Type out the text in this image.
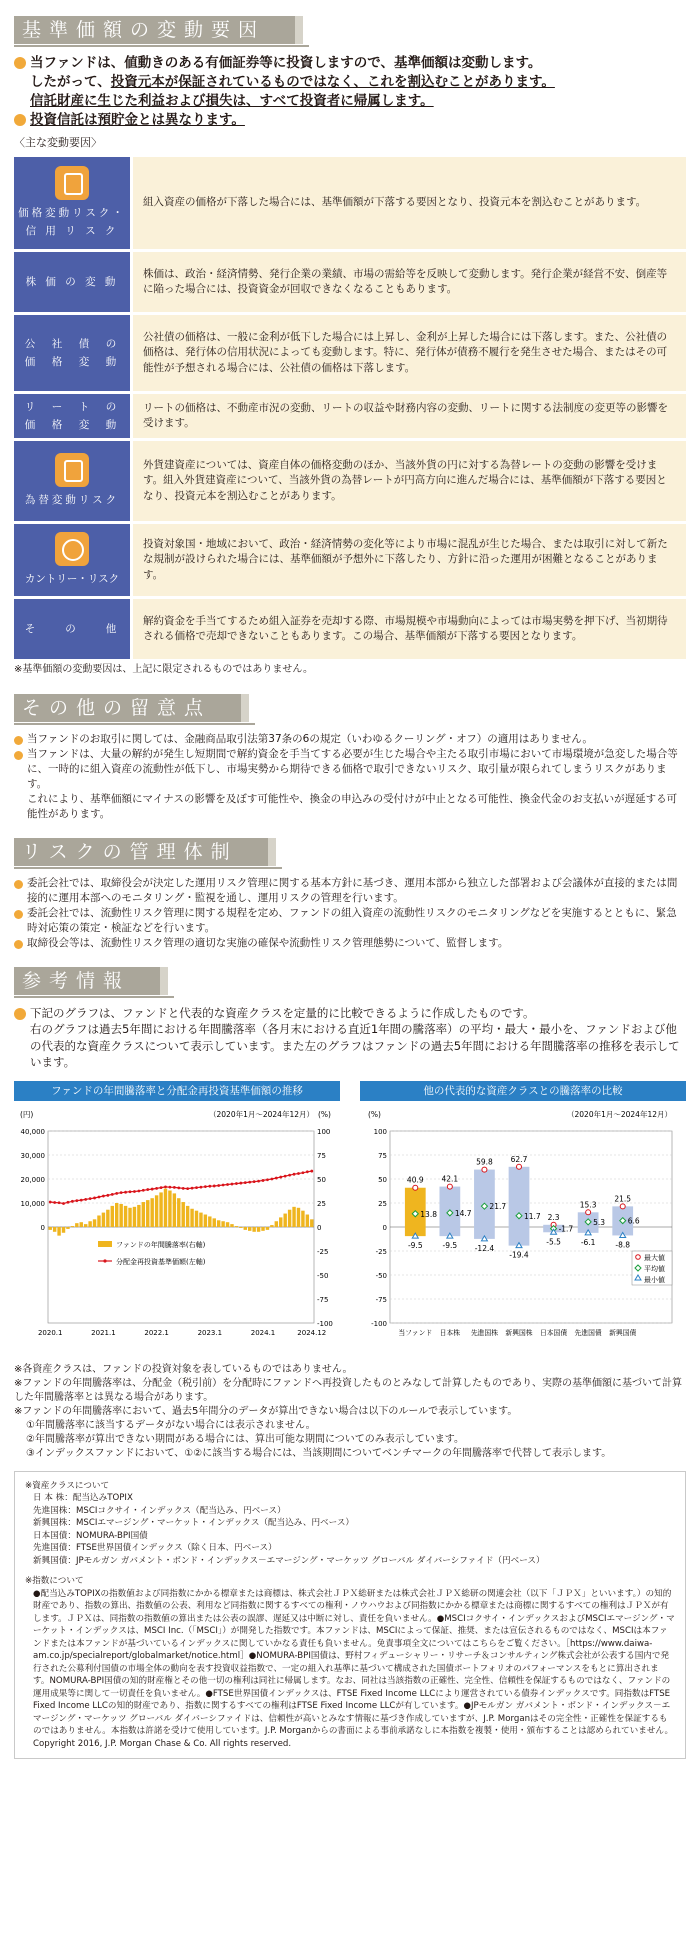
基準価額の変動要因
当ファンドは、値動きのある有価証券等に投資しますので、基準価額は変動します。
したがって、投資元本が保証されているものではなく、これを割込むことがあります。
信託財産に生じた利益および損失は、すべて投資者に帰属します。
投資信託は預貯金とは異なります。
〈主な変動要因〉
価格変動リスク・
信 用 リ ス ク
組入資産の価格が下落した場合には、基準価額が下落する要因となり、投資元本を割込むことがあります。
株 価 の 変 動
株価は、政治・経済情勢、発行企業の業績、市場の需給等を反映して変動します。発行企業が経営不安、倒産等に陥った場合には、投資資金が回収できなくなることもあります。
公　社　債　の
価　格　変　動
公社債の価格は、一般に金利が低下した場合には上昇し、金利が上昇した場合には下落します。また、公社債の価格は、発行体の信用状況によっても変動します。特に、発行体が債務不履行を発生させた場合、またはその可能性が予想される場合には、公社債の価格は下落します。
リ　ー　ト　の
価　格　変　動
リートの価格は、不動産市況の変動、リートの収益や財務内容の変動、リートに関する法制度の変更等の影響を受けます。
為替変動リスク
外貨建資産については、資産自体の価格変動のほか、当該外貨の円に対する為替レートの変動の影響を受けます。組入外貨建資産について、当該外貨の為替レートが円高方向に進んだ場合には、基準価額が下落する要因となり、投資元本を割込むことがあります。
カントリー・リスク
投資対象国・地域において、政治・経済情勢の変化等により市場に混乱が生じた場合、または取引に対して新たな規制が設けられた場合には、基準価額が予想外に下落したり、方針に沿った運用が困難となることがあります。
そ　　の　　他
解約資金を手当てするため組入証券を売却する際、市場規模や市場動向によっては市場実勢を押下げ、当初期待される価格で売却できないこともあります。この場合、基準価額が下落する要因となります。
※基準価額の変動要因は、上記に限定されるものではありません。
その他の留意点
当ファンドのお取引に関しては、金融商品取引法第37条の6の規定（いわゆるクーリング・オフ）の適用はありません。
当ファンドは、大量の解約が発生し短期間で解約資金を手当てする必要が生じた場合や主たる取引市場において市場環境が急変した場合等に、一時的に組入資産の流動性が低下し、市場実勢から期待できる価格で取引できないリスク、取引量が限られてしまうリスクがあります。
これにより、基準価額にマイナスの影響を及ぼす可能性や、換金の申込みの受付けが中止となる可能性、換金代金のお支払いが遅延する可能性があります。
リスクの管理体制
委託会社では、取締役会が決定した運用リスク管理に関する基本方針に基づき、運用本部から独立した部署および会議体が直接的または間接的に運用本部へのモニタリング・監視を通し、運用リスクの管理を行います。
委託会社では、流動性リスク管理に関する規程を定め、ファンドの組入資産の流動性リスクのモニタリングなどを実施するとともに、緊急時対応策の策定・検証などを行います。
取締役会等は、流動性リスク管理の適切な実施の確保や流動性リスク管理態勢について、監督します。
参考情報
下記のグラフは、ファンドと代表的な資産クラスを定量的に比較できるように作成したものです。
右のグラフは過去5年間における年間騰落率（各月末における直近1年間の騰落率）の平均・最大・最小を、ファンドおよび他の代表的な資産クラスについて表示しています。また左のグラフはファンドの過去5年間における年間騰落率の推移を表示しています。
ファンドの年間騰落率と分配金再投資基準価額の推移
(円)	(%)
（2020年1月～2024年12月）
40,000
30,000
20,000
10,000
0
100
75
50
25
0
-25
-50
-75
-100
2020.1	2021.1	2022.1	2023.1	2024.1	2024.12
ファンドの年間騰落率(右軸)
分配金再投資基準価額(左軸)
他の代表的な資産クラスとの騰落率の比較
(%)	（2020年1月～2024年12月）
100
75
50
25
0
-25
-50
-75
-100
40.9
13.8
-9.5
当ファンド
42.1
14.7
-9.5
日本株
59.8
21.7
-12.4
先進国株
62.7
11.7
-19.4
新興国株
2.3
-1.7
-5.5
日本国債
15.3
5.3
-6.1
先進国債
21.5
6.6
-8.8
新興国債
最大値
平均値
最小値
※各資産クラスは、ファンドの投資対象を表しているものではありません。
※ファンドの年間騰落率は、分配金（税引前）を分配時にファンドへ再投資したものとみなして計算したものであり、実際の基準価額に基づいて計算した年間騰落率とは異なる場合があります。
※ファンドの年間騰落率において、過去5年間分のデータが算出できない場合は以下のルールで表示しています。
①年間騰落率に該当するデータがない場合には表示されません。
②年間騰落率が算出できない期間がある場合には、算出可能な期間についてのみ表示しています。
③インデックスファンドにおいて、①②に該当する場合には、当該期間についてベンチマークの年間騰落率で代替して表示します。
※資産クラスについて
日 本 株：配当込みTOPIX
先進国株：MSCIコクサイ・インデックス（配当込み、円ベース）
新興国株：MSCIエマージング・マーケット・インデックス（配当込み、円ベース）
日本国債：NOMURA-BPI国債
先進国債：FTSE世界国債インデックス（除く日本、円ベース）
新興国債：JPモルガン ガバメント・ボンド・インデックス－エマージング・マーケッツ グローバル ダイバーシファイド（円ベース）
※指数について
●配当込みTOPIXの指数値および同指数にかかる標章または商標は、株式会社ＪＰＸ総研または株式会社ＪＰＸ総研の関連会社（以下「ＪＰＸ」といいます。）の知的財産であり、指数の算出、指数値の公表、利用など同指数に関するすべての権利・ノウハウおよび同指数にかかる標章または商標に関するすべての権利はＪＰＸが有します。ＪＰＸは、同指数の指数値の算出または公表の誤謬、遅延又は中断に対し、責任を負いません。●MSCIコクサイ・インデックスおよびMSCIエマージング・マーケット・インデックスは、MSCI Inc.（「MSCI」）が開発した指数です。本ファンドは、MSCIによって保証、推奨、または宣伝されるものではなく、MSCIは本ファンドまたは本ファンドが基づいているインデックスに関していかなる責任も負いません。免責事項全文についてはこちらをご覧ください。［https://www.daiwa-am.co.jp/specialreport/globalmarket/notice.html］●NOMURA-BPI国債は、野村フィデューシャリー・リサーチ＆コンサルティング株式会社が公表する国内で発行された公募利付国債の市場全体の動向を表す投資収益指数で、一定の組入れ基準に基づいて構成された国債ポートフォリオのパフォーマンスをもとに算出されます。NOMURA-BPI国債の知的財産権とその他一切の権利は同社に帰属します。なお、同社は当該指数の正確性、完全性、信頼性を保証するものではなく、ファンドの運用成果等に関して一切責任を負いません。●FTSE世界国債インデックスは、FTSE Fixed Income LLCにより運営されている債券インデックスです。同指数はFTSE Fixed Income LLCの知的財産であり、指数に関するすべての権利はFTSE Fixed Income LLCが有しています。●JPモルガン ガバメント・ボンド・インデックス－エマージング・マーケッツ グローバル ダイバーシファイドは、信頼性が高いとみなす情報に基づき作成していますが、J.P. Morganはその完全性・正確性を保証するものではありません。本指数は許諾を受けて使用しています。J.P. Morganからの書面による事前承諾なしに本指数を複製・使用・頒布することは認められていません。Copyright 2016, J.P. Morgan Chase & Co. All rights reserved.
